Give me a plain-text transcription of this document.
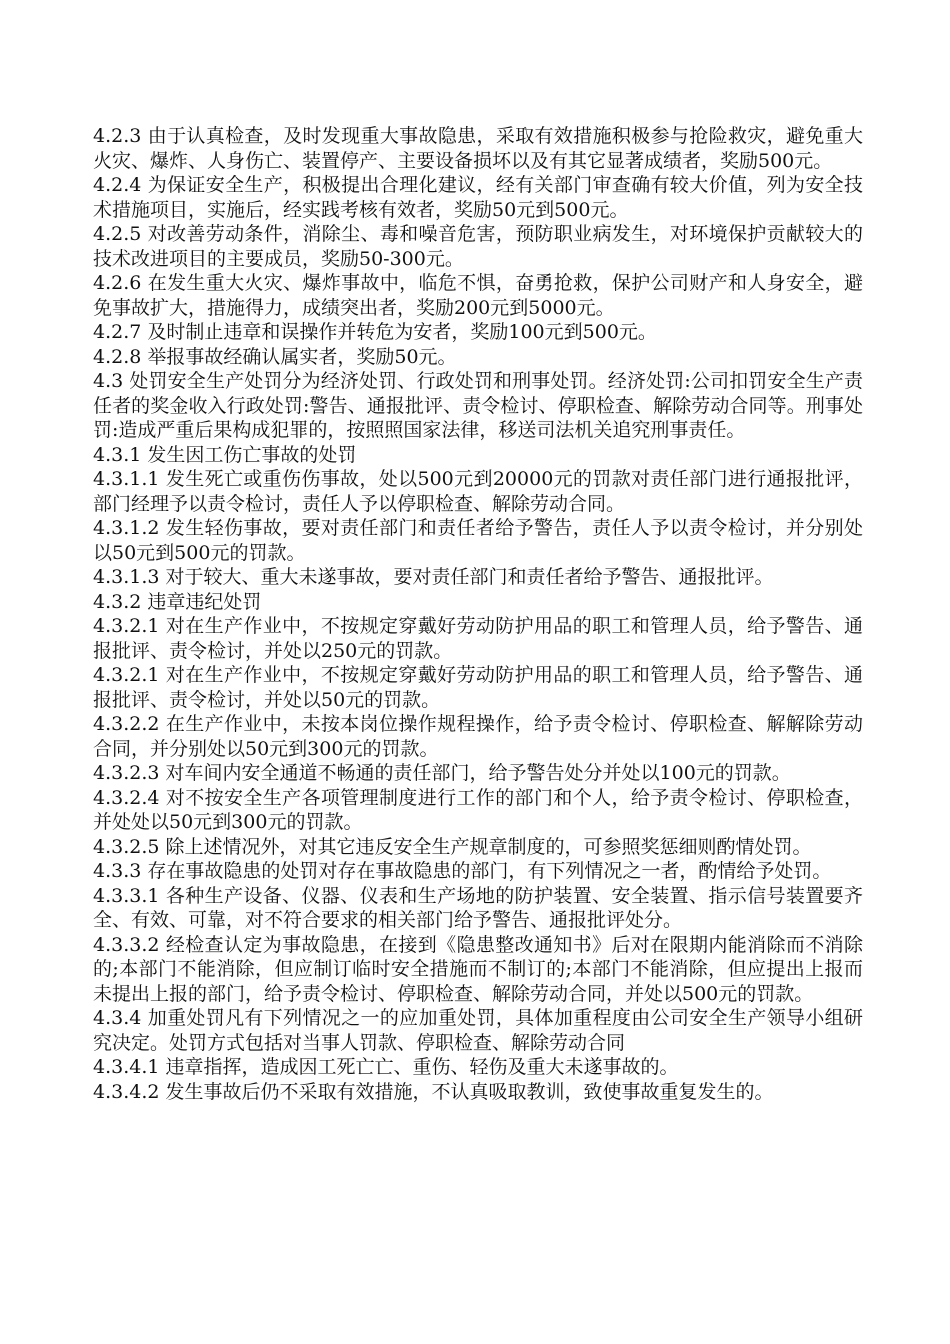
4.2.3 由于认真检查，及时发现重大事故隐患，采取有效措施积极参与抢险救灾，避免重大火灾、爆炸、人身伤亡、装置停产、主要设备损坏以及有其它显著成绩者，奖励500元。

4.2.4 为保证安全生产，积极提出合理化建议，经有关部门审查确有较大价值，列为安全技术措施项目，实施后，经实践考核有效者，奖励50元到500元。

4.2.5 对改善劳动条件，消除尘、毒和噪音危害，预防职业病发生，对环境保护贡献较大的技术改进项目的主要成员，奖励50-300元。

4.2.6 在发生重大火灾、爆炸事故中，临危不惧，奋勇抢救，保护公司财产和人身安全，避免事故扩大，措施得力，成绩突出者，奖励200元到5000元。

4.2.7 及时制止违章和误操作并转危为安者，奖励100元到500元。

4.2.8 举报事故经确认属实者，奖励50元。

4.3 处罚安全生产处罚分为经济处罚、行政处罚和刑事处罚。经济处罚:公司扣罚安全生产责任者的奖金收入行政处罚:警告、通报批评、责令检讨、停职检查、解除劳动合同等。刑事处罚:造成严重后果构成犯罪的，按照照国家法律，移送司法机关追究刑事责任。

4.3.1 发生因工伤亡事故的处罚

4.3.1.1 发生死亡或重伤伤事故，处以500元到20000元的罚款对责任部门进行通报批评，部门经理予以责令检讨，责任人予以停职检查、解除劳动合同。

4.3.1.2 发生轻伤事故，要对责任部门和责任者给予警告，责任人予以责令检讨，并分别处以50元到500元的罚款。

4.3.1.3 对于较大、重大未遂事故，要对责任部门和责任者给予警告、通报批评。

4.3.2 违章违纪处罚

4.3.2.1 对在生产作业中，不按规定穿戴好劳动防护用品的职工和管理人员，给予警告、通报批评、责令检讨，并处以250元的罚款。

4.3.2.1 对在生产作业中，不按规定穿戴好劳动防护用品的职工和管理人员，给予警告、通报批评、责令检讨，并处以50元的罚款。

4.3.2.2 在生产作业中，未按本岗位操作规程操作，给予责令检讨、停职检查、解解除劳动合同，并分别处以50元到300元的罚款。

4.3.2.3 对车间内安全通道不畅通的责任部门，给予警告处分并处以100元的罚款。

4.3.2.4 对不按安全生产各项管理制度进行工作的部门和个人，给予责令检讨、停职检查，并处处以50元到300元的罚款。

4.3.2.5 除上述情况外，对其它违反安全生产规章制度的，可参照奖惩细则酌情处罚。

4.3.3 存在事故隐患的处罚对存在事故隐患的部门，有下列情况之一者，酌情给予处罚。

4.3.3.1 各种生产设备、仪器、仪表和生产场地的防护装置、安全装置、指示信号装置要齐全、有效、可靠，对不符合要求的相关部门给予警告、通报批评处分。

4.3.3.2 经检查认定为事故隐患，在接到《隐患整改通知书》后对在限期内能消除而不消除的;本部门不能消除，但应制订临时安全措施而不制订的;本部门不能消除，但应提出上报而未提出上报的部门，给予责令检讨、停职检查、解除劳动合同，并处以500元的罚款。

4.3.4 加重处罚凡有下列情况之一的应加重处罚，具体加重程度由公司安全生产领导小组研究决定。处罚方式包括对当事人罚款、停职检查、解除劳动合同

4.3.4.1 违章指挥，造成因工死亡亡、重伤、轻伤及重大未遂事故的。

4.3.4.2 发生事故后仍不采取有效措施，不认真吸取教训，致使事故重复发生的。
